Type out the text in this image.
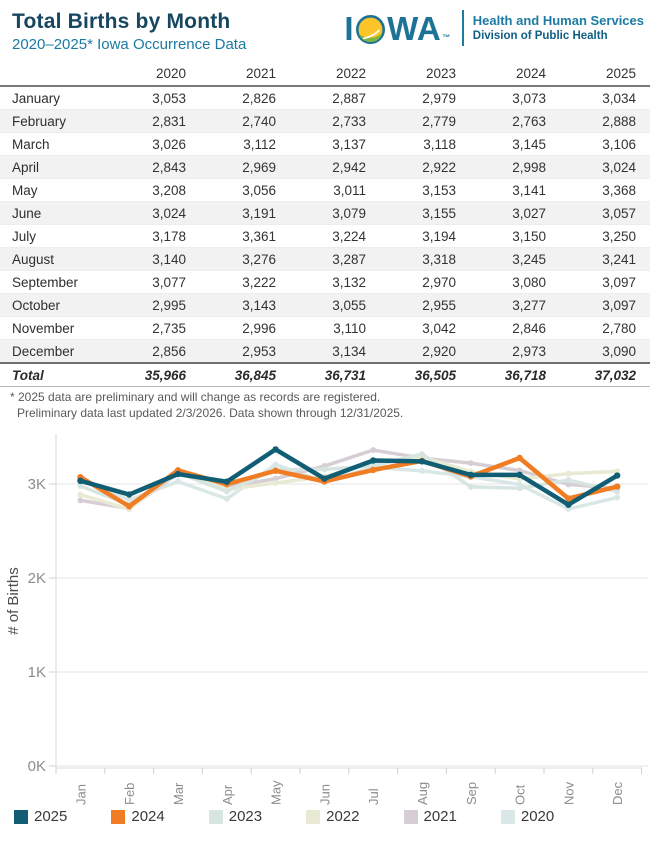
Total Births by Month
2020–2025* Iowa Occurrence Data	I WA ™
Health and Human Services
Division of Public Health
	2020	2021	2022	2023	2024	2025
January	3,053	2,826	2,887	2,979	3,073	3,034
February	2,831	2,740	2,733	2,779	2,763	2,888
March	3,026	3,112	3,137	3,118	3,145	3,106
April	2,843	2,969	2,942	2,922	2,998	3,024
May	3,208	3,056	3,011	3,153	3,141	3,368
June	3,024	3,191	3,079	3,155	3,027	3,057
July	3,178	3,361	3,224	3,194	3,150	3,250
August	3,140	3,276	3,287	3,318	3,245	3,241
September	3,077	3,222	3,132	2,970	3,080	3,097
October	2,995	3,143	3,055	2,955	3,277	3,097
November	2,735	2,996	3,110	3,042	2,846	2,780
December	2,856	2,953	3,134	2,920	2,973	3,090
Total	35,966	36,845	36,731	36,505	36,718	37,032
* 2025 data are preliminary and will change as records are registered.
Preliminary data last updated 2/3/2026. Data shown through 12/31/2025.
0K
1K
2K
3K
# of Births
Jan	Feb	Mar	Apr	May	Jun	Jul	Aug	Sep	Oct	Nov	Dec
2025	2024	2023	2022	2021	2020
